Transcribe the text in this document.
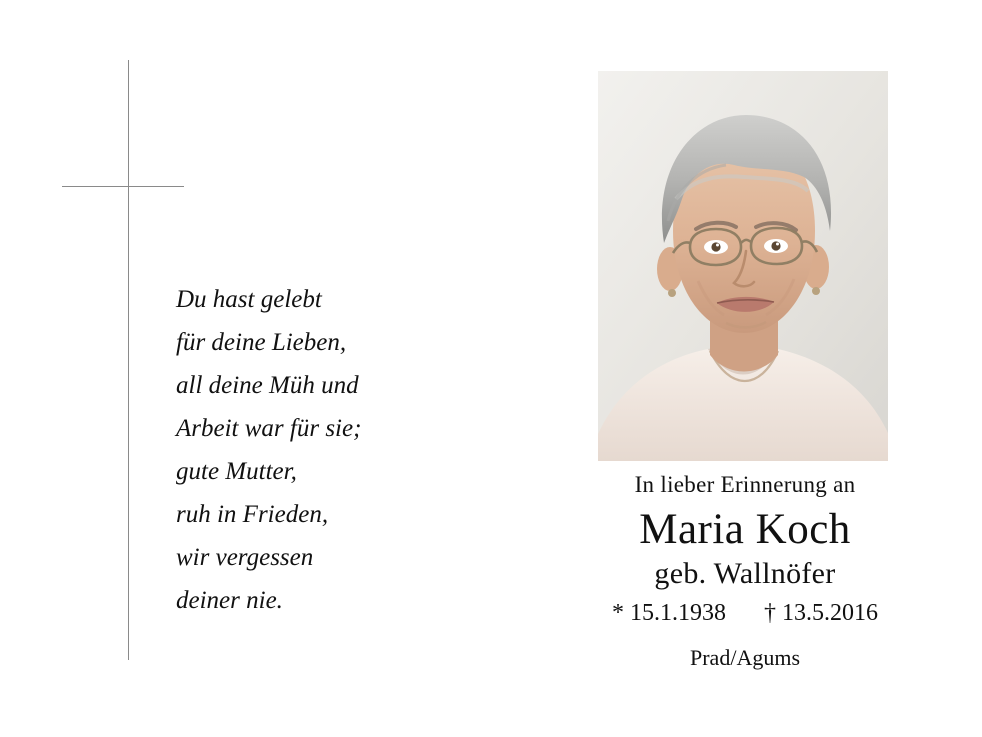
Du hast gelebt
für deine Lieben,
all deine Müh und
Arbeit war für sie;
gute Mutter,
ruh in Frieden,
wir vergessen
deiner nie.
In lieber Erinnerung an
Maria Koch
geb. Wallnöfer
* 15.1.1938 † 13.5.2016
Prad/Agums
